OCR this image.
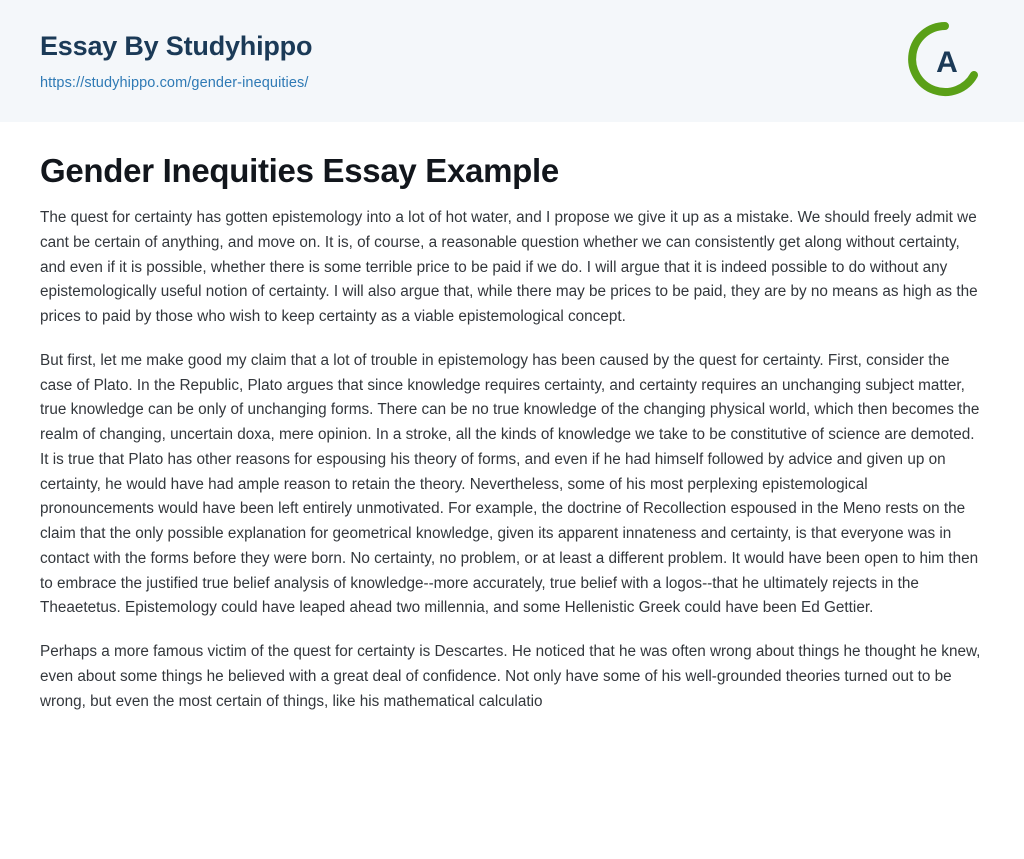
Essay By Studyhippo
https://studyhippo.com/gender-inequities/
A
Gender Inequities Essay Example

The quest for certainty has gotten epistemology into a lot of hot water, and I propose we give it up as a mistake. We should freely admit we cant be certain of anything, and move on. It is, of course, a reasonable question whether we can consistently get along without certainty, and even if it is possible, whether there is some terrible price to be paid if we do. I will argue that it is indeed possible to do without any epistemologically useful notion of certainty. I will also argue that, while there may be prices to be paid, they are by no means as high as the prices to paid by those who wish to keep certainty as a viable epistemological concept.

But first, let me make good my claim that a lot of trouble in epistemology has been caused by the quest for certainty. First, consider the case of Plato. In the Republic, Plato argues that since knowledge requires certainty, and certainty requires an unchanging subject matter, true knowledge can be only of unchanging forms. There can be no true knowledge of the changing physical world, which then becomes the realm of changing, uncertain doxa, mere opinion. In a stroke, all the kinds of knowledge we take to be constitutive of science are demoted. It is true that Plato has other reasons for espousing his theory of forms, and even if he had himself followed by advice and given up on certainty, he would have had ample reason to retain the theory. Nevertheless, some of his most perplexing epistemological pronouncements would have been left entirely unmotivated. For example, the doctrine of Recollection espoused in the Meno rests on the claim that the only possible explanation for geometrical knowledge, given its apparent innateness and certainty, is that everyone was in contact with the forms before they were born. No certainty, no problem, or at least a different problem. It would have been open to him then to embrace the justified true belief analysis of knowledge--more accurately, true belief with a logos--that he ultimately rejects in the Theaetetus. Epistemology could have leaped ahead two millennia, and some Hellenistic Greek could have been Ed Gettier.

Perhaps a more famous victim of the quest for certainty is Descartes. He noticed that he was often wrong about things he thought he knew, even about some things he believed with a great deal of confidence. Not only have some of his well-grounded theories turned out to be wrong, but even the most certain of things, like his mathematical calculatio
